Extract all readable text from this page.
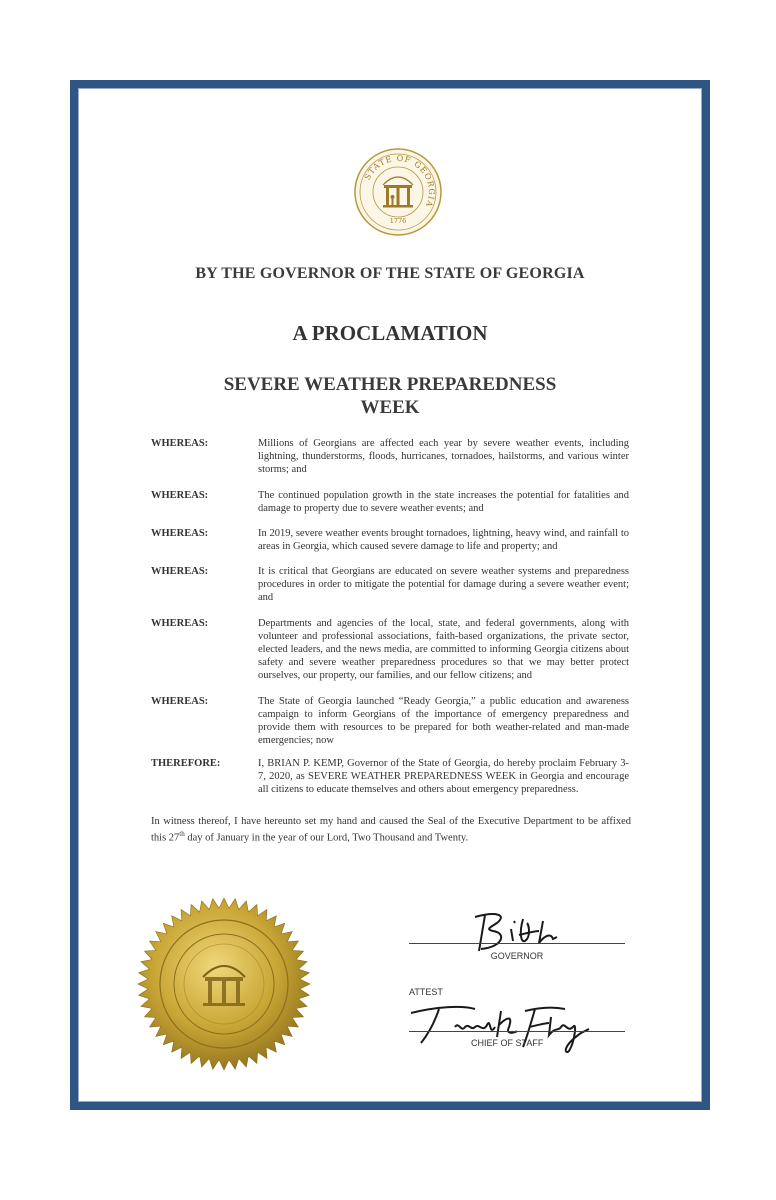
STATE OF GEORGIA
1776
BY THE GOVERNOR OF THE STATE OF GEORGIA
A PROCLAMATION
SEVERE WEATHER PREPAREDNESS
WEEK
WHEREAS:	Millions of Georgians are affected each year by severe weather events, including lightning, thunderstorms, floods, hurricanes, tornadoes, hailstorms, and various winter storms; and
WHEREAS:	The continued population growth in the state increases the potential for fatalities and damage to property due to severe weather events; and
WHEREAS:	In 2019, severe weather events brought tornadoes, lightning, heavy wind, and rainfall to areas in Georgia, which caused severe damage to life and property; and
WHEREAS:	It is critical that Georgians are educated on severe weather systems and preparedness procedures in order to mitigate the potential for damage during a severe weather event; and
WHEREAS:	Departments and agencies of the local, state, and federal governments, along with volunteer and professional associations, faith-based organizations, the private sector, elected leaders, and the news media, are committed to informing Georgia citizens about safety and severe weather preparedness procedures so that we may better protect ourselves, our property, our families, and our fellow citizens; and
WHEREAS:	The State of Georgia launched “Ready Georgia,” a public education and awareness campaign to inform Georgians of the importance of emergency preparedness and provide them with resources to be prepared for both weather-related and man-made emergencies; now
THEREFORE:	I, BRIAN P. KEMP, Governor of the State of Georgia, do hereby proclaim February 3-7, 2020, as SEVERE WEATHER PREPAREDNESS WEEK in Georgia and encourage all citizens to educate themselves and others about emergency preparedness.
In witness thereof, I have hereunto set my hand and caused the Seal of the Executive Department to be affixed this 27th day of January in the year of our Lord, Two Thousand and Twenty.
GOVERNOR
ATTEST
CHIEF OF STAFF
